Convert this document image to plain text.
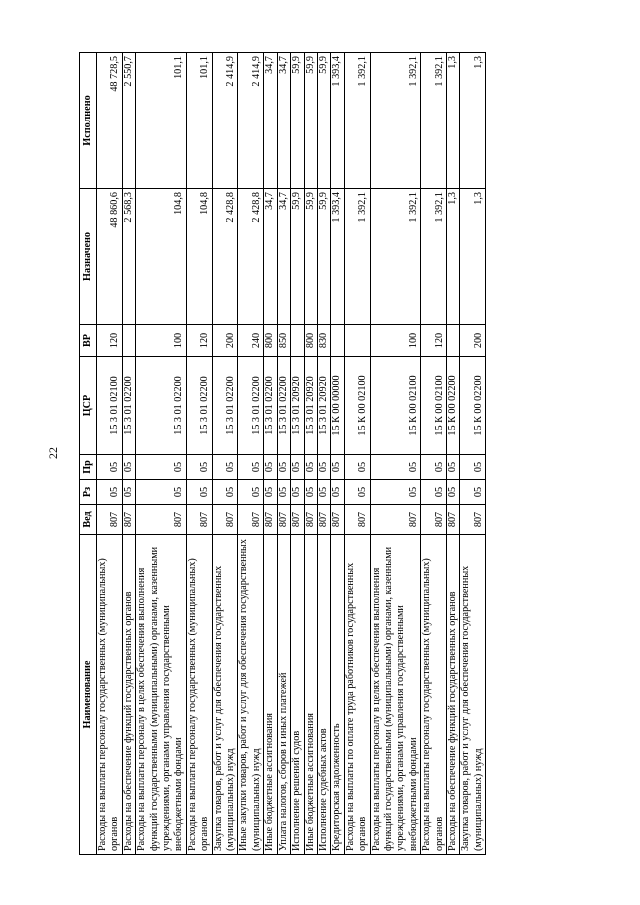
22
Наименование	Вед	Рз	Пр	ЦСР	ВР	Назначено	Исполнено
Расходы на выплаты персоналу государственных (муниципальных) органов	807	05	05	15 3 01 02100	120	48 860,6	48 728,5
Расходы на обеспечение функций государственных органов	807	05	05	15 3 01 02200		2 568,3	2 550,7
Расходы на выплаты персоналу в целях обеспечения выполнения функций государственными (муниципальными) органами, казенными учреждениями, органами управления государственными внебюджетными фондами	807	05	05	15 3 01 02200	100	104,8	101,1
Расходы на выплаты персоналу государственных (муниципальных) органов	807	05	05	15 3 01 02200	120	104,8	101,1
Закупка товаров, работ и услуг для обеспечения государственных (муниципальных) нужд	807	05	05	15 3 01 02200	200	2 428,8	2 414,9
Иные закупки товаров, работ и услуг для обеспечения государственных (муниципальных) нужд	807	05	05	15 3 01 02200	240	2 428,8	2 414,9
Иные бюджетные ассигнования	807	05	05	15 3 01 02200	800	34,7	34,7
Уплата налогов, сборов и иных платежей	807	05	05	15 3 01 02200	850	34,7	34,7
Исполнение решений судов	807	05	05	15 3 01 20920		59,9	59,9
Иные бюджетные ассигнования	807	05	05	15 3 01 20920	800	59,9	59,9
Исполнение судебных актов	807	05	05	15 3 01 20920	830	59,9	59,9
Кредиторская задолженность	807	05	05	15 К 00 00000		1 393,4	1 393,4
Расходы на выплаты по оплате труда работников государственных органов	807	05	05	15 К 00 02100		1 392,1	1 392,1
Расходы на выплаты персоналу в целях обеспечения выполнения функций государственными (муниципальными) органами, казенными учреждениями, органами управления государственными внебюджетными фондами	807	05	05	15 К 00 02100	100	1 392,1	1 392,1
Расходы на выплаты персоналу государственных (муниципальных) органов	807	05	05	15 К 00 02100	120	1 392,1	1 392,1
Расходы на обеспечение функций государственных органов	807	05	05	15 К 00 02200		1,3	1,3
Закупка товаров, работ и услуг для обеспечения государственных (муниципальных) нужд	807	05	05	15 К 00 02200	200	1,3	1,3
